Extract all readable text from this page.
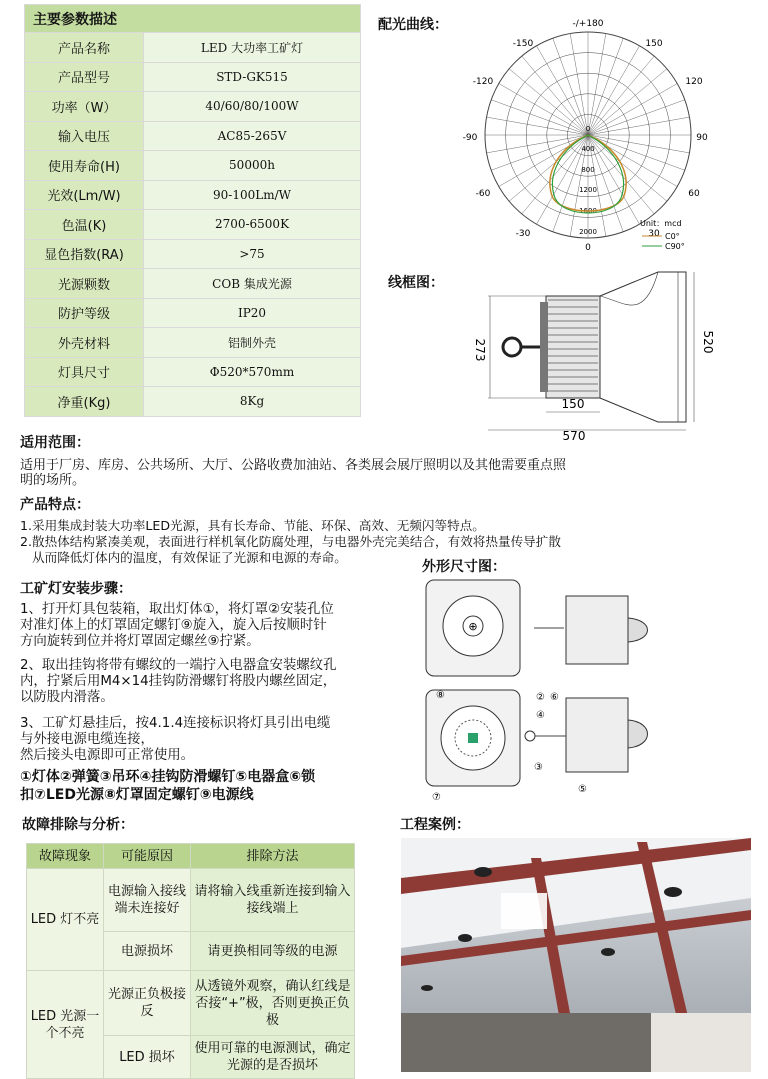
主要参数描述	
产品名称	LED 大功率工矿灯
产品型号	STD-GK515
功率（W）	40/60/80/100W
输入电压	AC85-265V
使用寿命(H)	50000h
光效(Lm/W)	90-100Lm/W
色温(K)	2700-6500K
显色指数(RA)	>75
光源颗数	COB 集成光源
防护等级	IP20
外壳材料	铝制外壳
灯具尺寸	Φ520*570mm
净重(Kg)	8Kg
配光曲线：	-/+180
-150	150
-120	120
-90	90
-60	60
-30	30
0
0
400
800
1200
1600
2000
Unit：mcd
C0°
C90°
线框图：
273	520
150
570
适用范围：
适用于厂房、库房、公共场所、大厅、公路收费加油站、各类展会展厅照明以及其他需要重点照
明的场所。
产品特点：
1.采用集成封装大功率LED光源，具有长寿命、节能、环保、高效、无频闪等特点。
2.散热体结构紧凑美观，表面进行样机氧化防腐处理，与电器外壳完美结合，有效将热量传导扩散
从而降低灯体内的温度，有效保证了光源和电源的寿命。
外形尺寸图：
工矿灯安装步骤：
1、打开灯具包装箱，取出灯体①，将灯罩②安装孔位
对准灯体上的灯罩固定螺钉⑨旋入，旋入后按顺时针
方向旋转到位并将灯罩固定螺丝⑨拧紧。
2、取出挂钩将带有螺纹的一端拧入电器盒安装螺纹孔
内，拧紧后用M4×14挂钩防滑螺钉将股内螺丝固定，
以防股内滑落。
3、工矿灯悬挂后，按4.1.4连接标识将灯具引出电缆
与外接电源电缆连接，
然后接头电源即可正常使用。
①灯体②弹簧③吊环④挂钩防滑螺钉⑤电器盒⑥锁
扣⑦LED光源⑧灯罩固定螺钉⑨电源线
⊕
⑧	②
⑦
④
⑥
③
⑤
故障排除与分析：
故障现象	可能原因	排除方法
LED 灯不亮	电源输入接线端未连接好	请将输入线重新连接到输入接线端上
	电源损坏	请更换相同等级的电源
LED 光源一个不亮	光源正负极接反	从透镜外观察，确认红线是否接“+”极，否则更换正负极
	LED 损坏	使用可靠的电源测试，确定光源的是否损坏
工程案例：
